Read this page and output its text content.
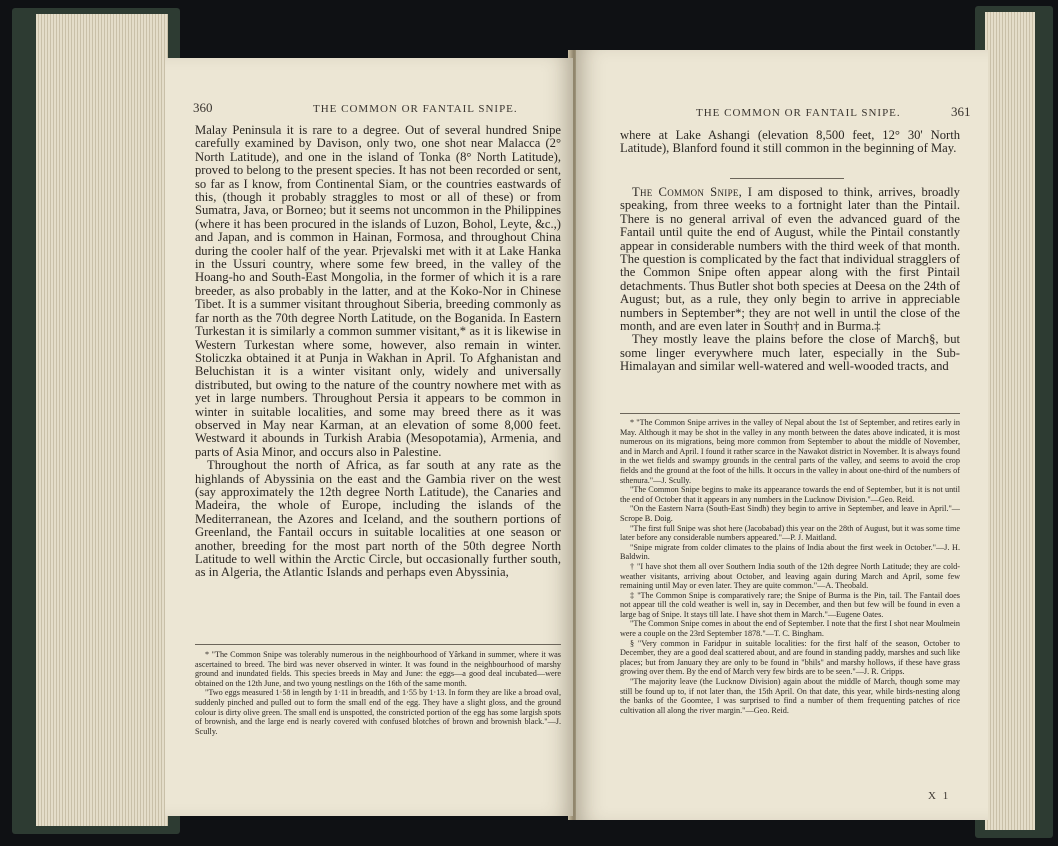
360	THE COMMON OR FANTAIL SNIPE.

Malay Peninsula it is rare to a degree. Out of several hundred Snipe carefully examined by Davison, only two, one shot near Malacca (2° North Latitude), and one in the island of Tonka (8° North Latitude), proved to belong to the present species. It has not been recorded or sent, so far as I know, from Continental Siam, or the countries eastwards of this, (though it probably straggles to most or all of these) or from Sumatra, Java, or Borneo; but it seems not uncommon in the Philippines (where it has been procured in the islands of Luzon, Bohol, Leyte, &c.,) and Japan, and is common in Hainan, Formosa, and throughout China during the cooler half of the year. Prjevalski met with it at Lake Hanka in the Ussuri country, where some few breed, in the valley of the Hoang-ho and South-East Mongolia, in the former of which it is a rare breeder, as also probably in the latter, and at the Koko-Nor in Chinese Tibet. It is a summer visitant throughout Siberia, breeding commonly as far north as the 70th degree North Latitude, on the Boganida. In Eastern Turkestan it is similarly a common summer visitant,* as it is likewise in Western Turkestan where some, however, also remain in winter. Stoliczka obtained it at Punja in Wakhan in April. To Afghanistan and Beluchistan it is a winter visitant only, widely and universally distributed, but owing to the nature of the country nowhere met with as yet in large numbers. Throughout Persia it appears to be common in winter in suitable localities, and some may breed there as it was observed in May near Karman, at an elevation of some 8,000 feet. Westward it abounds in Turkish Arabia (Mesopotamia), Armenia, and parts of Asia Minor, and occurs also in Palestine.

Throughout the north of Africa, as far south at any rate as the highlands of Abyssinia on the east and the Gambia river on the west (say approximately the 12th degree North Latitude), the Canaries and Madeira, the whole of Europe, including the islands of the Mediterranean, the Azores and Iceland, and the southern portions of Greenland, the Fantail occurs in suitable localities at one season or another, breeding for the most part north of the 50th degree North Latitude to well within the Arctic Circle, but occasionally further south, as in Algeria, the Atlantic Islands and perhaps even Abyssinia,

* "The Common Snipe was tolerably numerous in the neighbourhood of Yârkand in summer, where it was ascertained to breed. The bird was never observed in winter. It was found in the neighbourhood of marshy ground and inundated fields. This species breeds in May and June: the eggs—a good deal incubated—were obtained on the 12th June, and two young nestlings on the 16th of the same month.

"Two eggs measured 1·58 in length by 1·11 in breadth, and 1·55 by 1·13. In form they are like a broad oval, suddenly pinched and pulled out to form the small end of the egg. They have a slight gloss, and the ground colour is dirty olive green. The small end is unspotted, the constricted portion of the egg has some largish spots of brownish, and the large end is nearly covered with confused blotches of brown and brownish black."—J. Scully.

THE COMMON OR FANTAIL SNIPE.	361

where at Lake Ashangi (elevation 8,500 feet, 12° 30' North Latitude), Blanford found it still common in the beginning of May.

The Common Snipe, I am disposed to think, arrives, broadly speaking, from three weeks to a fortnight later than the Pintail. There is no general arrival of even the advanced guard of the Fantail until quite the end of August, while the Pintail constantly appear in considerable numbers with the third week of that month. The question is complicated by the fact that individual stragglers of the Common Snipe often appear along with the first Pintail detachments. Thus Butler shot both species at Deesa on the 24th of August; but, as a rule, they only begin to arrive in appreciable numbers in September*; they are not well in until the close of the month, and are even later in South† and in Burma.‡

They mostly leave the plains before the close of March§, but some linger everywhere much later, especially in the Sub-Himalayan and similar well-watered and well-wooded tracts, and

* "The Common Snipe arrives in the valley of Nepal about the 1st of September, and retires early in May. Although it may be shot in the valley in any month between the dates above indicated, it is most numerous on its migrations, being more common from September to about the middle of November, and in March and April. I found it rather scarce in the Nawakot district in November. It is always found in the wet fields and swampy grounds in the central parts of the valley, and seems to avoid the crop fields and the ground at the foot of the hills. It occurs in the valley in about one-third of the numbers of sthenura."—J. Scully.

"The Common Snipe begins to make its appearance towards the end of September, but it is not until the end of October that it appears in any numbers in the Lucknow Division."—Geo. Reid.

"On the Eastern Narra (South-East Sindh) they begin to arrive in September, and leave in April."—Scrope B. Doig.

"The first full Snipe was shot here (Jacobabad) this year on the 28th of August, but it was some time later before any considerable numbers appeared."—P. J. Maitland.

"Snipe migrate from colder climates to the plains of India about the first week in October."—J. H. Baldwin.

† "I have shot them all over Southern India south of the 12th degree North Latitude; they are cold-weather visitants, arriving about October, and leaving again during March and April, some few remaining until May or even later. They are quite common."—A. Theobald.

‡ "The Common Snipe is comparatively rare; the Snipe of Burma is the Pin, tail. The Fantail does not appear till the cold weather is well in, say in December, and then but few will be found in even a large bag of Snipe. It stays till late. I have shot them in March."—Eugene Oates.

"The Common Snipe comes in about the end of September. I note that the first I shot near Moulmein were a couple on the 23rd September 1878."—T. C. Bingham.

§ "Very common in Faridpur in suitable localities: for the first half of the season, October to December, they are a good deal scattered about, and are found in standing paddy, marshes and such like places; but from January they are only to be found in "bhils" and marshy hollows, if these have grass growing over them. By the end of March very few birds are to be seen."—J. R. Cripps.

"The majority leave (the Lucknow Division) again about the middle of March, though some may still be found up to, if not later than, the 15th April. On that date, this year, while birds-nesting along the banks of the Goomtee, I was surprised to find a number of them frequenting patches of rice cultivation all along the river margin."—Geo. Reid.

X 1
